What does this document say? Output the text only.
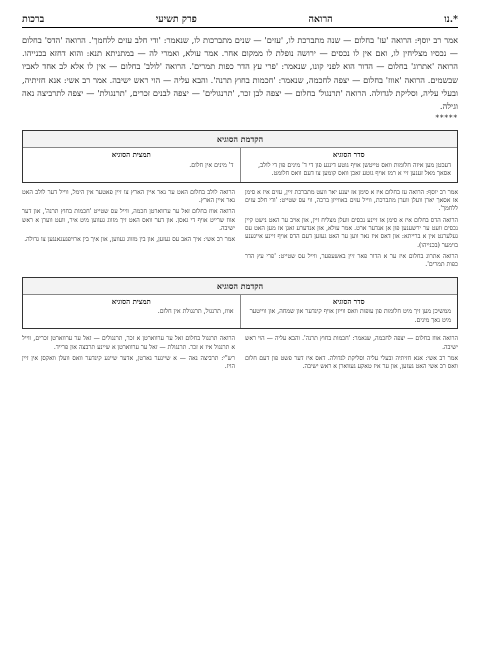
נו.*
הרואה
פרק תשיעי
ברכות
אמר רב יוסף: הרואה 'עז' בחלום — שנה מתברכת לו, 'עזים' — שנים מתברכות לו, שנאמר: 'ודי חלב עזים ללחמך'. הרואה 'הדס' בחלום — נכסיו מצליחין לו, ואם אין לו נכסים — ירושה נופלת לו ממקום אחר. אמר עולא, ואמרי לה — במתניתא תנא: והוא דחזא בכנייהו. הרואה 'אתרוג' בחלום — הדור הוא לפני קונו, שנאמר: 'פרי עץ הדר כפות תמרים'. הרואה 'לולב' בחלום — אין לו אלא לב אחד לאביו שבשמים. הרואה 'אווז' בחלום — יצפה לחכמה, שנאמר: 'חכמות בחוץ תרנה'. והבא עליה — הוי ראש ישיבה. אמר רב אשי: אנא חזיתיה, ובעלי עליה, וסליקת לגדולה. הרואה 'תרנגול' בחלום — יצפה לבן זכר, 'תרנגולים' — יצפה לבנים זכרים, 'תרנגולת' — יצפה לתרביצה נאה וגילה.
*****
הקדמת הסוגיא
סדר הסוגיא
דעכטן מען איזה חלומות וואס טייטשן אויף גוטע דינגע פון די ד' מינים פון די לולב, אסאך מאל זענען זיי א רמז אויף גוטע זאכן וואס קומען צו דעם וואס חלומט.
תמצית הסוגיא
ד' מינים אין חלום.

אמר רב יוסף: הרואה עז בחלום איז א סימן אז יענע יאר וועט מתברכת זיין, עזים איז א סימן אז אסאך יארן וועלן ווערן מתברכת, ווייל עזים באווייזן ברכה, ווי עס שטייט: 'ודי חלב עזים ללחמך'.

הרואה הדס בחלום איז א סימן אז זיינע נכסים וועלן מצליח זיין, און אויב ער האט נישט קיין נכסים וועט ער ירשענען פון אן אנדער ארט. אמר עולא, און אנדערע זאגן אז מען האט עס געלערנט אין א ברייתא: און דאס איז נאר ווען ער האט געזען דעם הדס אויף זיינע אייגענע בוימער (בכנייהו).

הרואה אתרוג בחלום איז ער א הדור פאר זיין באשעפער, ווייל עס שטייט: 'פרי עץ הדר כפות תמרים'.

הרואה לולב בחלום האט ער נאר איין הארץ צו זיין פאטער אין הימל, ווייל דער לולב האט נאר איין הארץ.

הרואה אווז בחלום זאל ער ערווארטן חכמה, ווייל עס שטייט 'חכמות בחוץ תרנה', און דער אווז שרייט אויף די גאסן. און דער וואס האט זיך מזווג געווען מיט איר, וועט ווערן א ראש ישיבה.

אמר רב אשי: איך האב עס געזען, און בין מזווג געווען, און איך בין ארויפגעגאנגען צו גדולה.

הקדמת הסוגיא
סדר הסוגיא
ממשיכן מען זיך מיט חלומות פון עופות וואס ווייזן אויף קינדער און שמחה, און ווייטער מיט נאך מינים.
תמצית הסוגיא
אווז, תרנגול, תרנגולת אין חלום.

הרואה אווז בחלום — יצפה לחכמה, שנאמר: 'חכמות בחוץ תרנה'. והבא עליה — הוי ראש ישיבה.

אמר רב אשי: אנא חזיתיה ובעלי עליה וסליקת לגדולה. דאס איז דער פשט פון דעם חלום וואס רב אשי האט געזען, און ער איז טאקע געווארן א ראש ישיבה.

הרואה תרנגול בחלום זאל ער ערווארטן א זכר, תרנגולים — זאל ער ערווארטן זכרים, ווייל א תרנגול איז א זכר. תרנגולת — זאל ער ערווארטן א שיינע תרבצה און פרייד.

רש"י: תרביצה נאה — א שיינער גארטן, אדער שיינע קינדער וואס וועלן וואקסן אין זיין הויז.
